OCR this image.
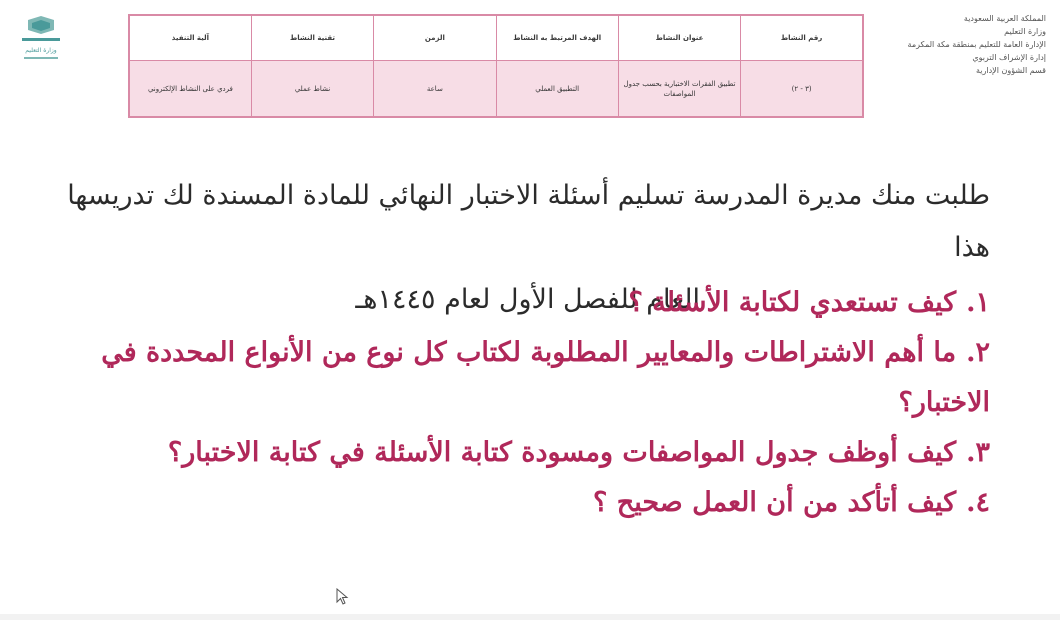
المملكة العربية السعودية
وزارة التعليم
الإدارة العامة للتعليم بمنطقة مكة المكرمة
إدارة الإشراف التربوي
قسم الشؤون الإدارية
وزارة التعليم
رقم النشاط	عنوان النشاط	الهدف المرتبط به النشاط	الزمن	تقنية النشاط	آلية التنفيذ
(٣ - ٢)	تطبيق الفقرات الاختبارية بحسب جدول المواصفات	التطبيق العملي	ساعة	نشاط عملي	فردي على النشاط الإلكتروني

طلبت منك مديرة المدرسة تسليم أسئلة الاختبار النهائي للمادة المسندة لك تدريسها هذا

العام للفصل الأول لعام ١٤٤٥هـ	١.كيف تستعدي لكتابة الأسئلة ؟
٢.ما أهم الاشتراطات والمعايير المطلوبة لكتاب كل نوع من الأنواع المحددة في الاختبار؟
٣.كيف أوظف جدول المواصفات ومسودة كتابة الأسئلة في كتابة الاختبار؟
٤.كيف أتأكد من أن العمل صحيح ؟
